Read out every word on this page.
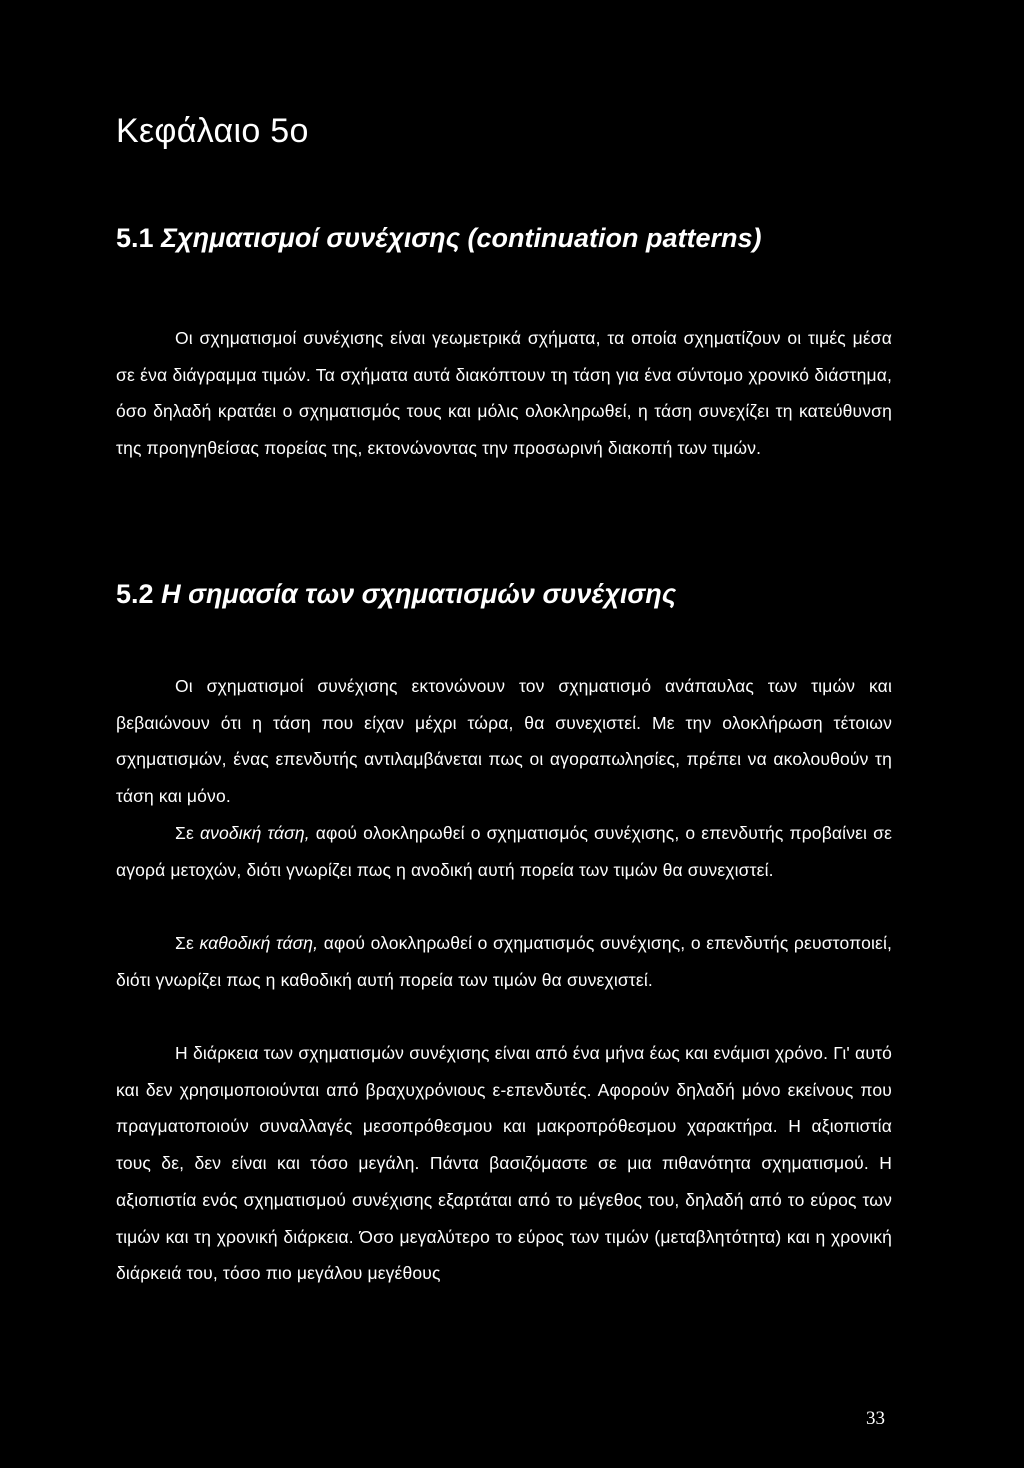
Κεφάλαιο 5ο
5.1 Σχηματισμοί συνέχισης (continuation patterns)

Οι σχηματισμοί συνέχισης είναι γεωμετρικά σχήματα, τα οποία σχηματίζουν οι τιμές μέσα σε ένα διάγραμμα τιμών. Τα σχήματα αυτά διακόπτουν τη τάση για ένα σύντομο χρονικό διάστημα, όσο δηλαδή κρατάει ο σχηματισμός τους και μόλις ολοκληρωθεί, η τάση συνεχίζει τη κατεύθυνση της προηγηθείσας πορείας της, εκτονώνοντας την προσωρινή διακοπή των τιμών.

5.2 Η σημασία των σχηματισμών συνέχισης

Οι σχηματισμοί συνέχισης εκτονώνουν τον σχηματισμό ανάπαυλας των τιμών και βεβαιώνουν ότι η τάση που είχαν μέχρι τώρα, θα συνεχιστεί. Με την ολοκλήρωση τέτοιων σχηματισμών, ένας επενδυτής αντιλαμβάνεται πως οι αγοραπωλησίες, πρέπει να ακολουθούν τη τάση και μόνο.

Σε ανοδική τάση, αφού ολοκληρωθεί ο σχηματισμός συνέχισης, ο επενδυτής προβαίνει σε αγορά μετοχών, διότι γνωρίζει πως η ανοδική αυτή πορεία των τιμών θα συνεχιστεί.

Σε καθοδική τάση, αφού ολοκληρωθεί ο σχηματισμός συνέχισης, ο επενδυτής ρευστοποιεί, διότι γνωρίζει πως η καθοδική αυτή πορεία των τιμών θα συνεχιστεί.

Η διάρκεια των σχηματισμών συνέχισης είναι από ένα μήνα έως και ενάμισι χρόνο. Γι' αυτό και δεν χρησιμοποιούνται από βραχυχρόνιους ε-επενδυτές. Αφορούν δηλαδή μόνο εκείνους που πραγματοποιούν συναλλαγές μεσοπρόθεσμου και μακροπρόθεσμου χαρακτήρα. Η αξιοπιστία τους δε, δεν είναι και τόσο μεγάλη. Πάντα βασιζόμαστε σε μια πιθανότητα σχηματισμού. Η αξιοπιστία ενός σχηματισμού συνέχισης εξαρτάται από το μέγεθος του, δηλαδή από το εύρος των τιμών και τη χρονική διάρκεια. Όσο μεγαλύτερο το εύρος των τιμών (μεταβλητότητα) και η χρονική διάρκειά του, τόσο πιο μεγάλου μεγέθους

33
